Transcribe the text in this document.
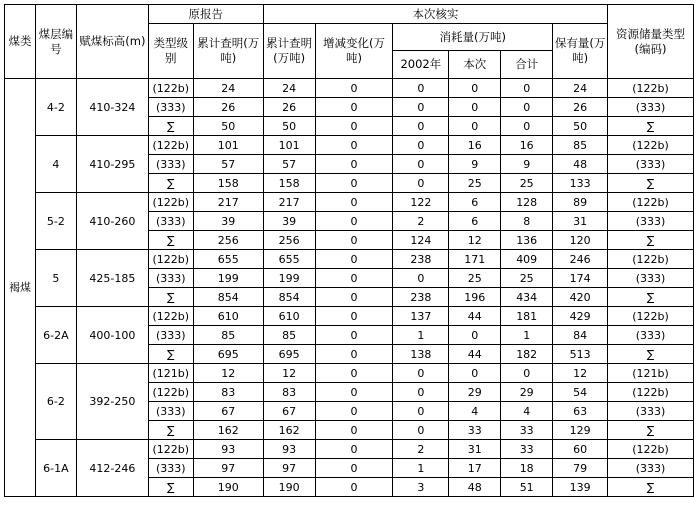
煤类	煤层编号	赋煤标高(m)	原报告		本次核实						资源储量类型(编码)
			类型级别	累计查明(万吨)	累计查明(万吨)	增减变化(万吨)	消耗量(万吨)			保有量(万吨)	
							2002年	本次	合计		
褐煤	4-2	410-324	(122b)	24	24	0	0	0	0	24	(122b)
			(333)	26	26	0	0	0	0	26	(333)
			∑	50	50	0	0	0	0	50	∑
	4	410-295	(122b)	101	101	0	0	16	16	85	(122b)
			(333)	57	57	0	0	9	9	48	(333)
			∑	158	158	0	0	25	25	133	∑
	5-2	410-260	(122b)	217	217	0	122	6	128	89	(122b)
			(333)	39	39	0	2	6	8	31	(333)
			∑	256	256	0	124	12	136	120	∑
	5	425-185	(122b)	655	655	0	238	171	409	246	(122b)
			(333)	199	199	0	0	25	25	174	(333)
			∑	854	854	0	238	196	434	420	∑
	6-2A	400-100	(122b)	610	610	0	137	44	181	429	(122b)
			(333)	85	85	0	1	0	1	84	(333)
			∑	695	695	0	138	44	182	513	∑
	6-2	392-250	(121b)	12	12	0	0	0	0	12	(121b)
			(122b)	83	83	0	0	29	29	54	(122b)
			(333)	67	67	0	0	4	4	63	(333)
			∑	162	162	0	0	33	33	129	∑
	6-1A	412-246	(122b)	93	93	0	2	31	33	60	(122b)
			(333)	97	97	0	1	17	18	79	(333)
			∑	190	190	0	3	48	51	139	∑
